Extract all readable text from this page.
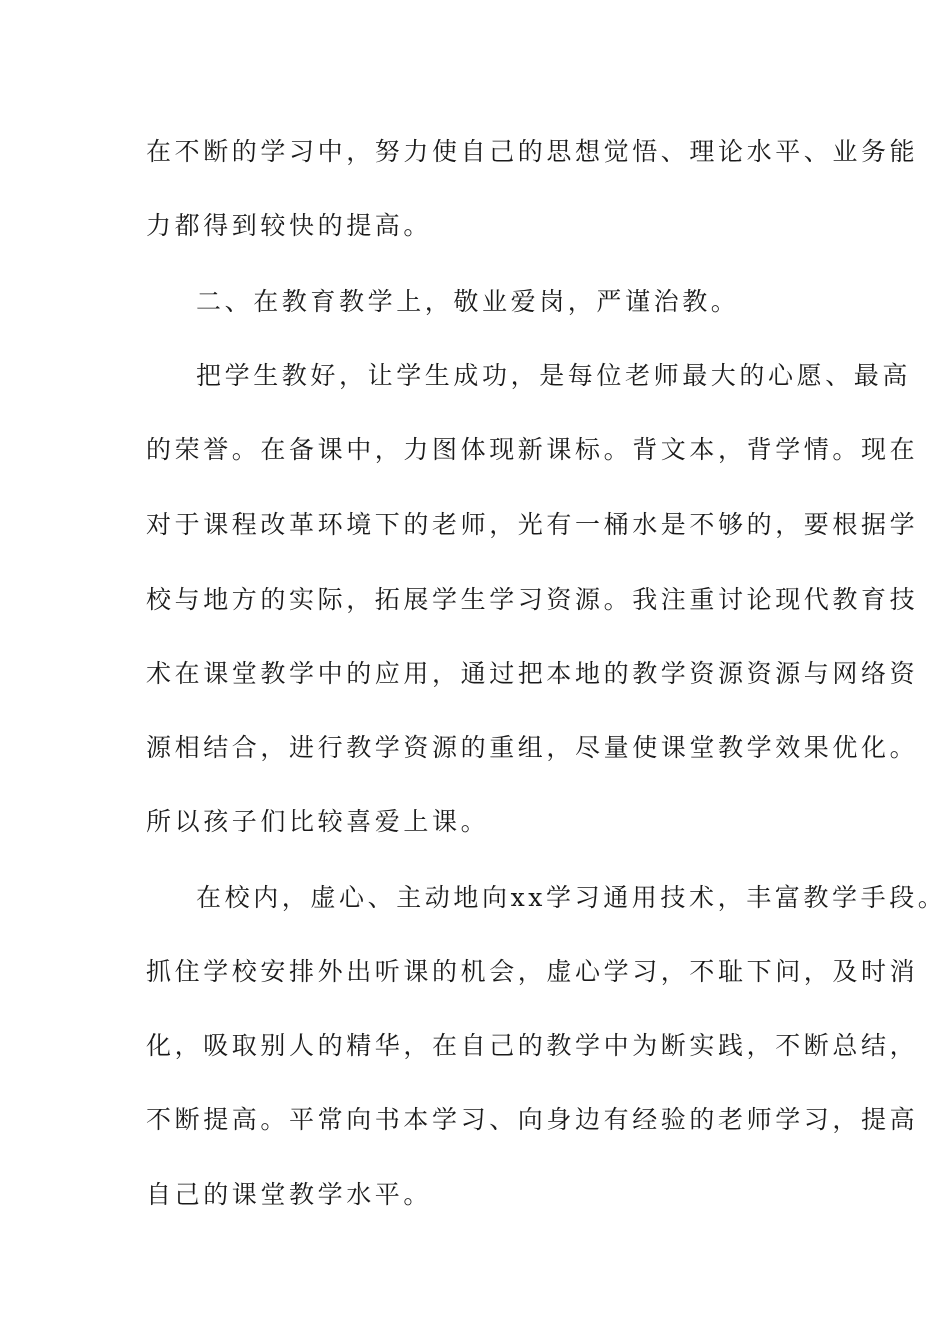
在不断的学习中，努力使自己的思想觉悟、理论水平、业务能
力都得到较快的提高。
二、在教育教学上，敬业爱岗，严谨治教。
把学生教好，让学生成功，是每位老师最大的心愿、最高
的荣誉。在备课中，力图体现新课标。背文本，背学情。现在
对于课程改革环境下的老师，光有一桶水是不够的，要根据学
校与地方的实际，拓展学生学习资源。我注重讨论现代教育技
术在课堂教学中的应用，通过把本地的教学资源资源与网络资
源相结合，进行教学资源的重组，尽量使课堂教学效果优化。
所以孩子们比较喜爱上课。
在校内，虚心、主动地向xx学习通用技术，丰富教学手段。
抓住学校安排外出听课的机会，虚心学习，不耻下问，及时消
化，吸取别人的精华，在自己的教学中为断实践，不断总结，
不断提高。平常向书本学习、向身边有经验的老师学习，提高
自己的课堂教学水平。
